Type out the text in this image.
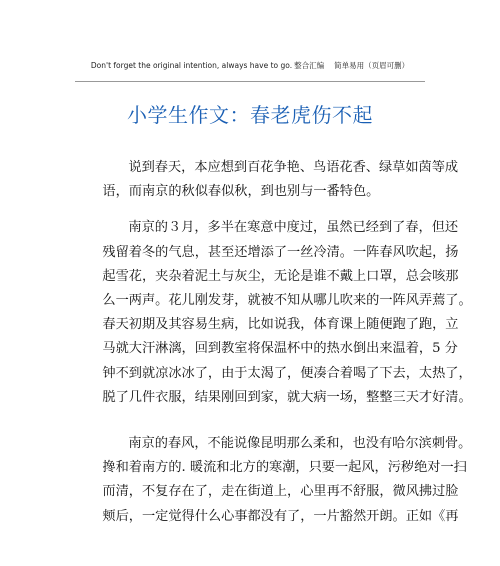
Don't forget the original intention, always have to go. 整合汇编 简单易用（页眉可删）
小学生作文：春老虎伤不起
说到春天，本应想到百花争艳、鸟语花香、绿草如茵等成
语，而南京的秋似春似秋，到也别与一番特色。
南京的３月，多半在寒意中度过，虽然已经到了春，但还
残留着冬的气息，甚至还增添了一丝冷清。一阵春风吹起，扬
起雪花，夹杂着泥土与灰尘，无论是谁不戴上口罩，总会咳那
么一两声。花儿刚发芽，就被不知从哪儿吹来的一阵风弄蔫了。
春天初期及其容易生病，比如说我，体育课上随便跑了跑，立
马就大汗淋漓，回到教室将保温杯中的热水倒出来温着，5 分
钟不到就凉冰冰了，由于太渴了，便凑合着喝了下去，太热了，
脱了几件衣服，结果刚回到家，就大病一场，整整三天才好清。
南京的春风，不能说像昆明那么柔和，也没有哈尔滨刺骨。
搀和着南方的. 暖流和北方的寒潮，只要一起风，污秽绝对一扫
而清，不复存在了，走在街道上，心里再不舒服，微风拂过脸
颊后，一定觉得什么心事都没有了，一片豁然开朗。正如《再
